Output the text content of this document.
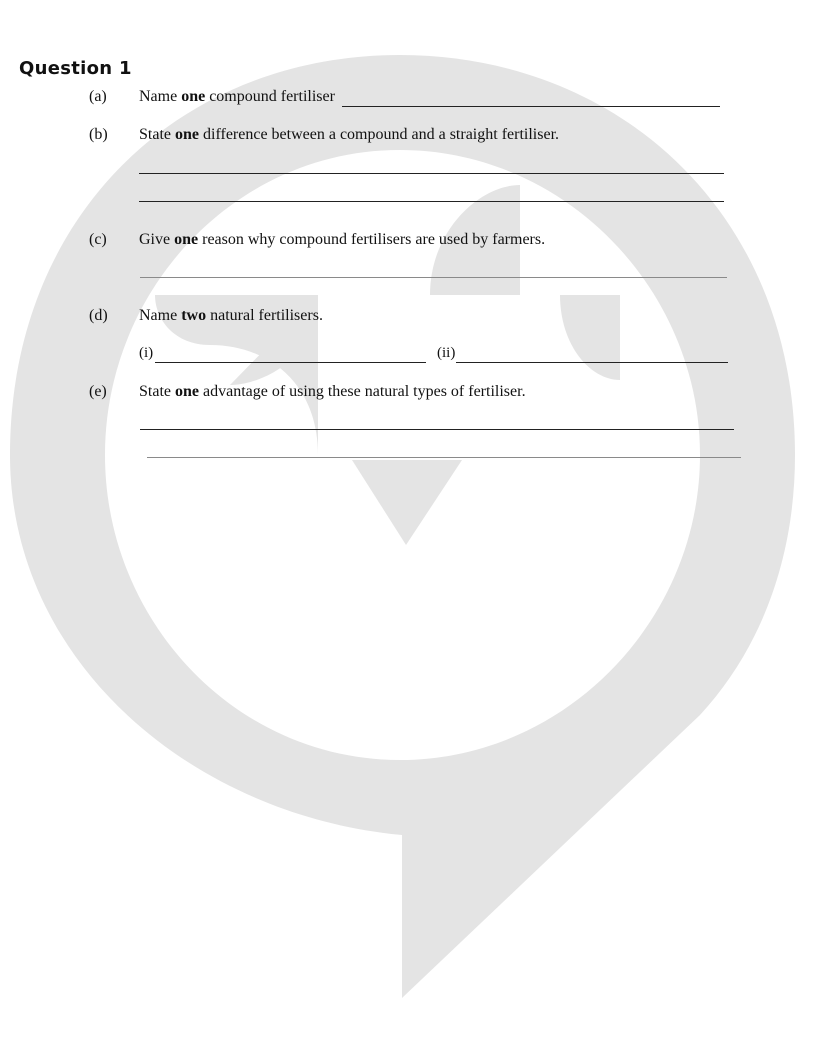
Question 1
(a) Name one compound fertiliser
(b) State one difference between a compound and a straight fertiliser.
(c) Give one reason why compound fertilisers are used by farmers.
(d) Name two natural fertilisers.
(i)	(ii)
(e) State one advantage of using these natural types of fertiliser.
